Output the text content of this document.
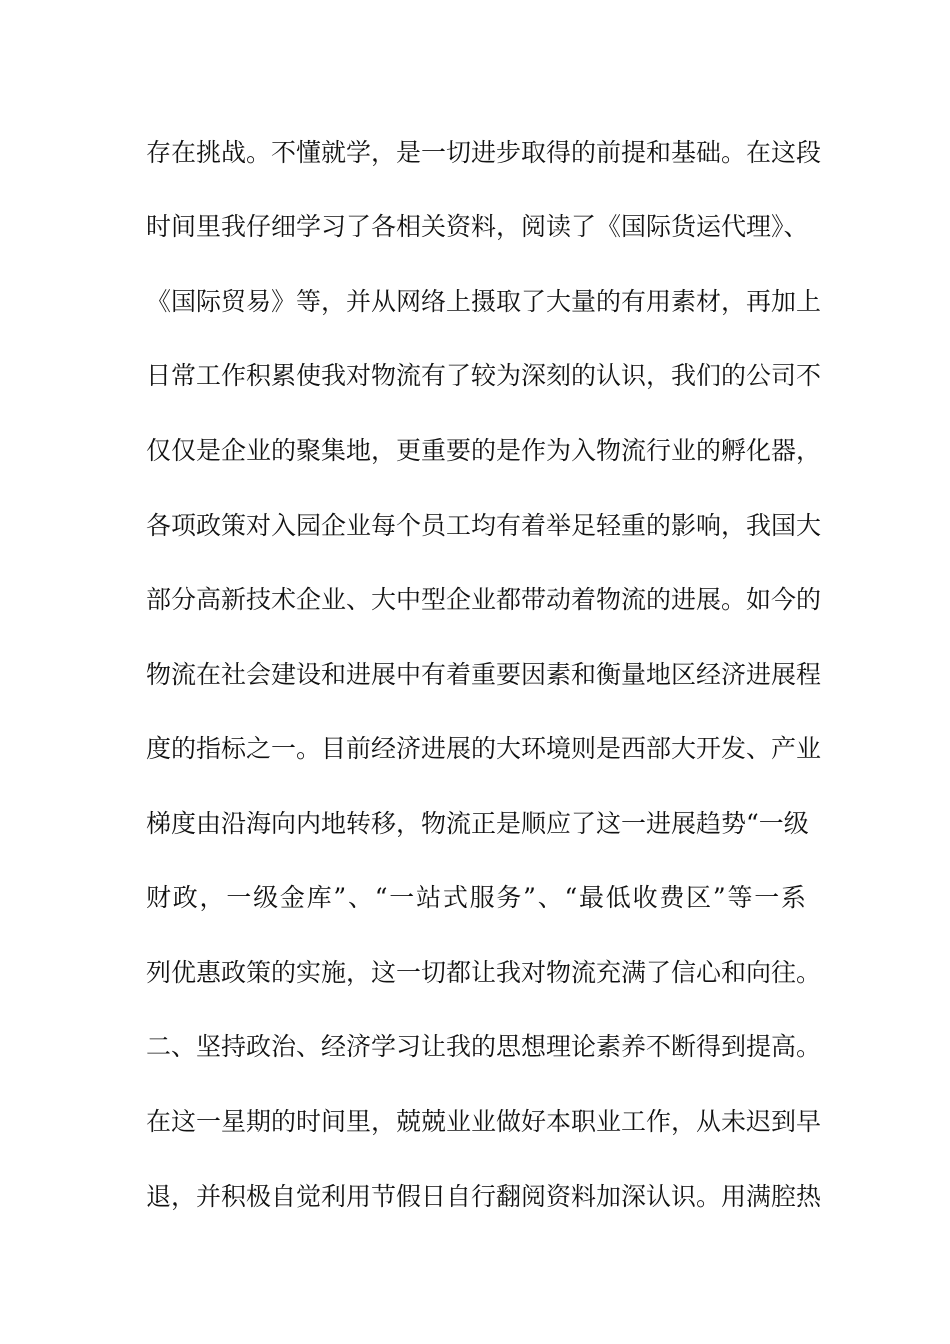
存在挑战。不懂就学，是一切进步取得的前提和基础。在这段
时间里我仔细学习了各相关资料，阅读了《国际货运代理》、
《国际贸易》等，并从网络上摄取了大量的有用素材，再加上
日常工作积累使我对物流有了较为深刻的认识，我们的公司不
仅仅是企业的聚集地，更重要的是作为入物流行业的孵化器，
各项政策对入园企业每个员工均有着举足轻重的影响，我国大
部分高新技术企业、大中型企业都带动着物流的进展。如今的
物流在社会建设和进展中有着重要因素和衡量地区经济进展程
度的指标之一。目前经济进展的大环境则是西部大开发、产业
梯度由沿海向内地转移，物流正是顺应了这一进展趋势“一级
财政，一级金库”、“一站式服务”、“最低收费区”等一系
列优惠政策的实施，这一切都让我对物流充满了信心和向往。
二、坚持政治、经济学习让我的思想理论素养不断得到提高。
在这一星期的时间里，兢兢业业做好本职业工作，从未迟到早
退，并积极自觉利用节假日自行翻阅资料加深认识。用满腔热
